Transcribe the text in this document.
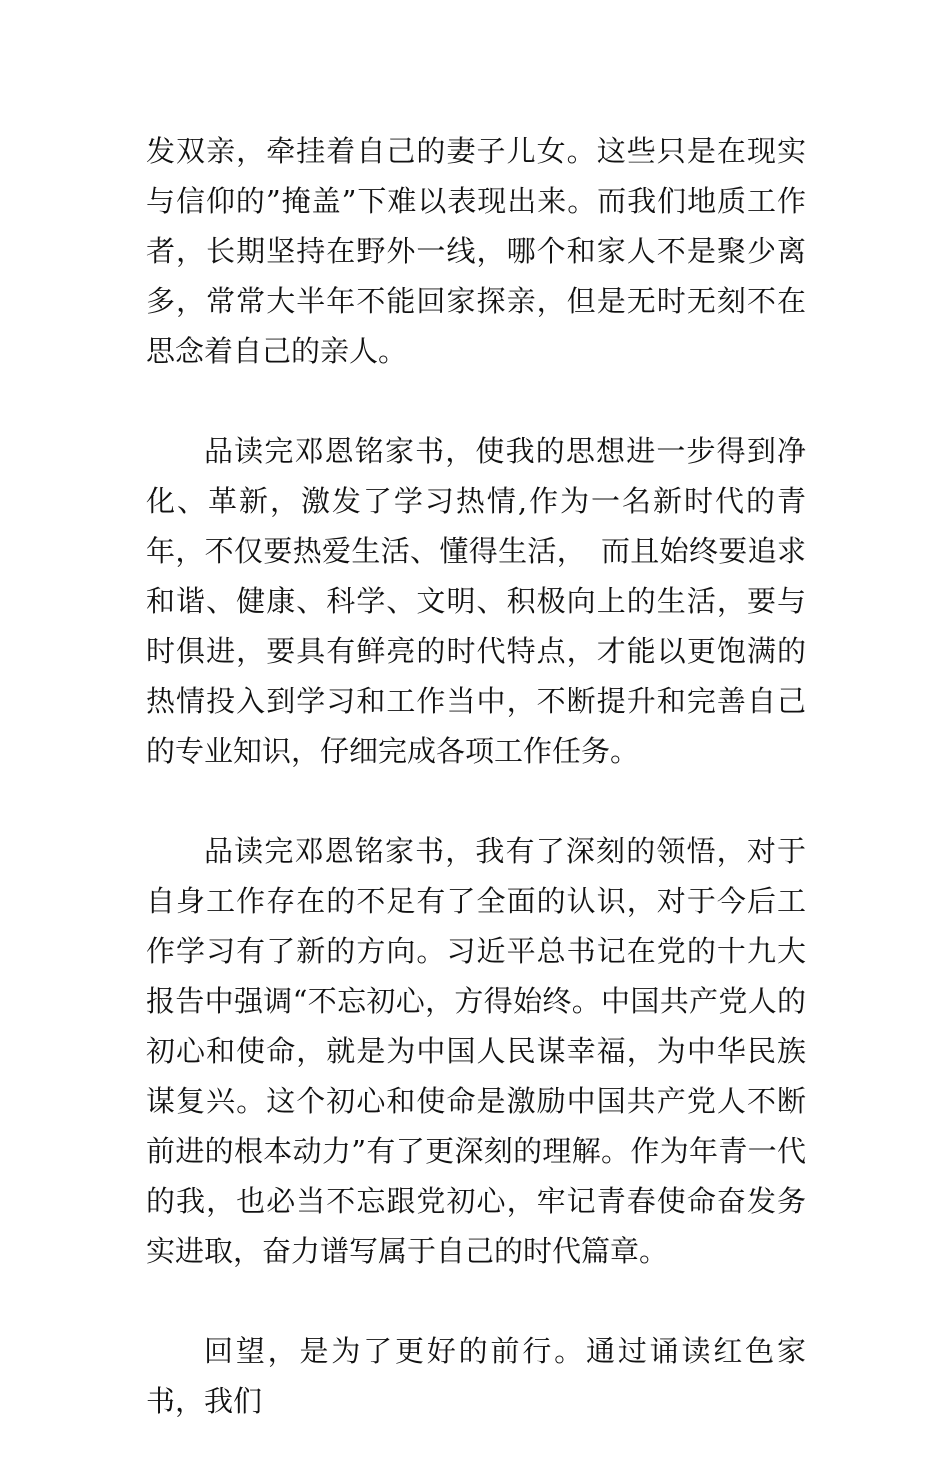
发双亲，牵挂着自己的妻子儿女。这些只是在现实与信仰的”掩盖”下难以表现出来。而我们地质工作者，长期坚持在野外一线，哪个和家人不是聚少离多，常常大半年不能回家探亲，但是无时无刻不在思念着自己的亲人。

品读完邓恩铭家书，使我的思想进一步得到净化、革新，激发了学习热情,作为一名新时代的青年，不仅要热爱生活、懂得生活，　而且始终要追求和谐、健康、科学、文明、积极向上的生活，要与时俱进，要具有鲜亮的时代特点，才能以更饱满的热情投入到学习和工作当中，不断提升和完善自己的专业知识，仔细完成各项工作任务。

品读完邓恩铭家书，我有了深刻的领悟，对于自身工作存在的不足有了全面的认识，对于今后工作学习有了新的方向。习近平总书记在党的十九大报告中强调“不忘初心，方得始终。中国共产党人的初心和使命，就是为中国人民谋幸福，为中华民族谋复兴。这个初心和使命是激励中国共产党人不断前进的根本动力”有了更深刻的理解。作为年青一代的我，也必当不忘跟党初心，牢记青春使命奋发务实进取，奋力谱写属于自己的时代篇章。

回望，是为了更好的前行。通过诵读红色家书，我们
